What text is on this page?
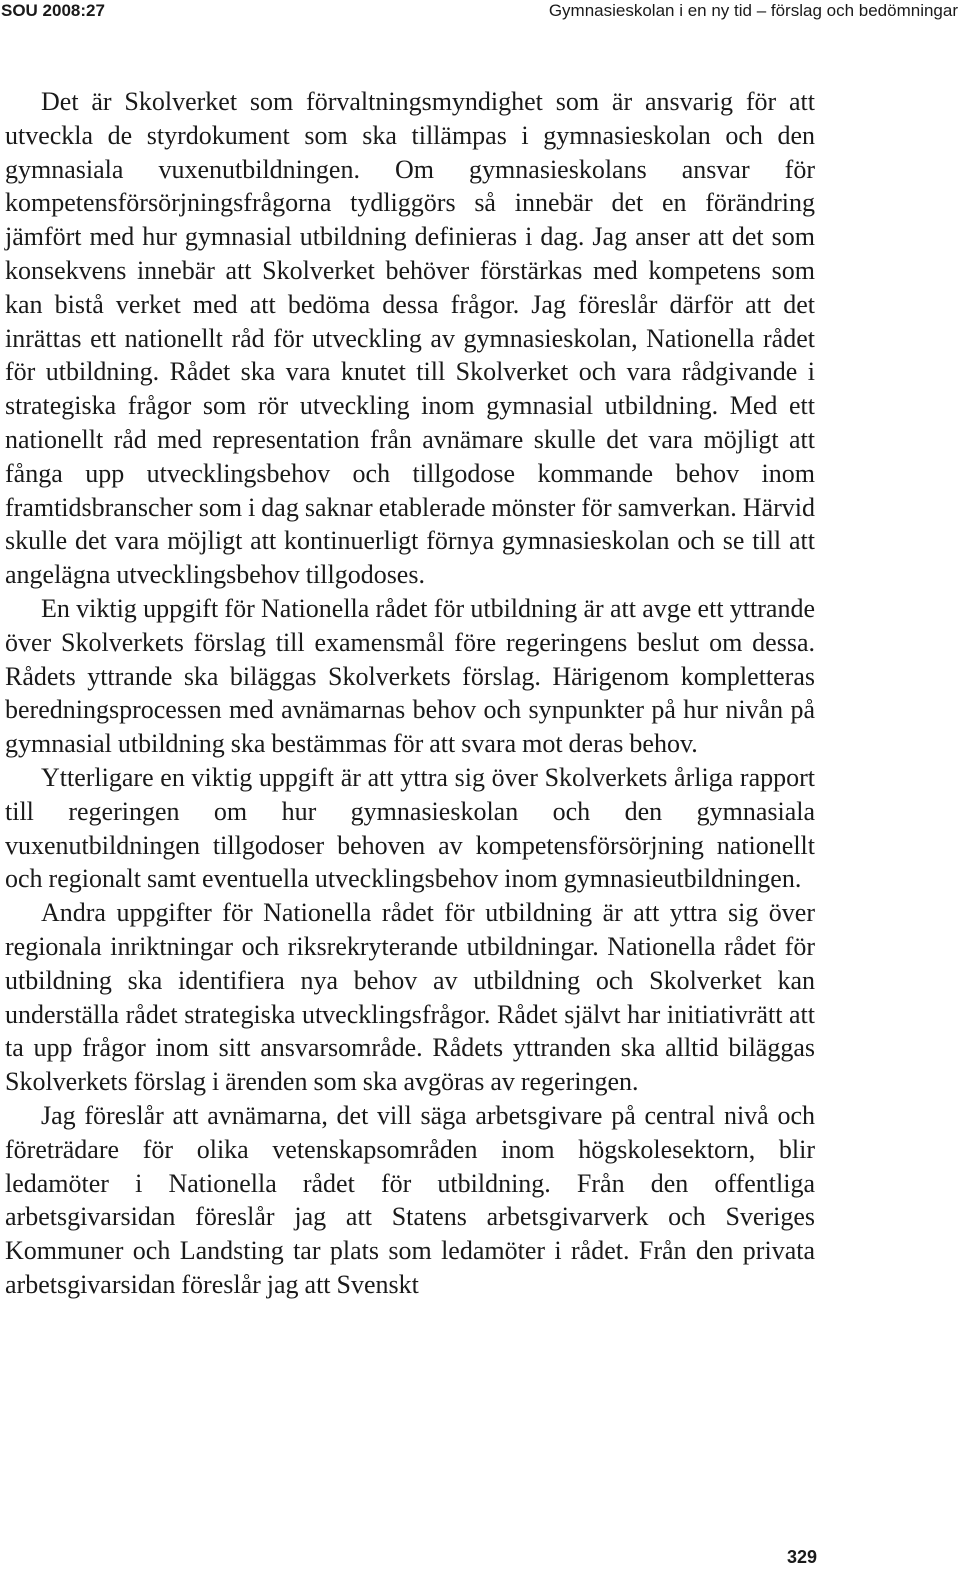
SOU 2008:27	Gymnasieskolan i en ny tid – förslag och bedömningar

Det är Skolverket som förvaltningsmyndighet som är ansvarig för att utveckla de styrdokument som ska tillämpas i gymnasieskolan och den gymnasiala vuxenutbildningen. Om gymnasieskolans ansvar för kompetensförsörjningsfrågorna tydliggörs så innebär det en förändring jämfört med hur gymnasial utbildning definieras i dag. Jag anser att det som konsekvens innebär att Skolverket behöver förstärkas med kompetens som kan bistå verket med att bedöma dessa frågor. Jag föreslår därför att det inrättas ett nationellt råd för utveckling av gymnasieskolan, Nationella rådet för utbildning. Rådet ska vara knutet till Skolverket och vara rådgivande i strategiska frågor som rör utveckling inom gymnasial utbildning. Med ett nationellt råd med representation från avnämare skulle det vara möjligt att fånga upp utvecklingsbehov och tillgodose kommande behov inom framtidsbranscher som i dag saknar etablerade mönster för samverkan. Härvid skulle det vara möjligt att kontinuerligt förnya gymnasieskolan och se till att angelägna utvecklingsbehov tillgodoses.

En viktig uppgift för Nationella rådet för utbildning är att avge ett yttrande över Skolverkets förslag till examensmål före regeringens beslut om dessa. Rådets yttrande ska biläggas Skolverkets förslag. Härigenom kompletteras beredningsprocessen med avnämarnas behov och synpunkter på hur nivån på gymnasial utbildning ska bestämmas för att svara mot deras behov.

Ytterligare en viktig uppgift är att yttra sig över Skolverkets årliga rapport till regeringen om hur gymnasieskolan och den gymnasiala vuxenutbildningen tillgodoser behoven av kompetensförsörjning nationellt och regionalt samt eventuella utvecklingsbehov inom gymnasieutbildningen.

Andra uppgifter för Nationella rådet för utbildning är att yttra sig över regionala inriktningar och riksrekryterande utbildningar. Nationella rådet för utbildning ska identifiera nya behov av utbildning och Skolverket kan underställa rådet strategiska utvecklingsfrågor. Rådet självt har initiativrätt att ta upp frågor inom sitt ansvarsområde. Rådets yttranden ska alltid biläggas Skolverkets förslag i ärenden som ska avgöras av regeringen.

Jag föreslår att avnämarna, det vill säga arbetsgivare på central nivå och företrädare för olika vetenskapsområden inom högskolesektorn, blir ledamöter i Nationella rådet för utbildning. Från den offentliga arbetsgivarsidan föreslår jag att Statens arbetsgivarverk och Sveriges Kommuner och Landsting tar plats som ledamöter i rådet. Från den privata arbetsgivarsidan föreslår jag att Svenskt

329
